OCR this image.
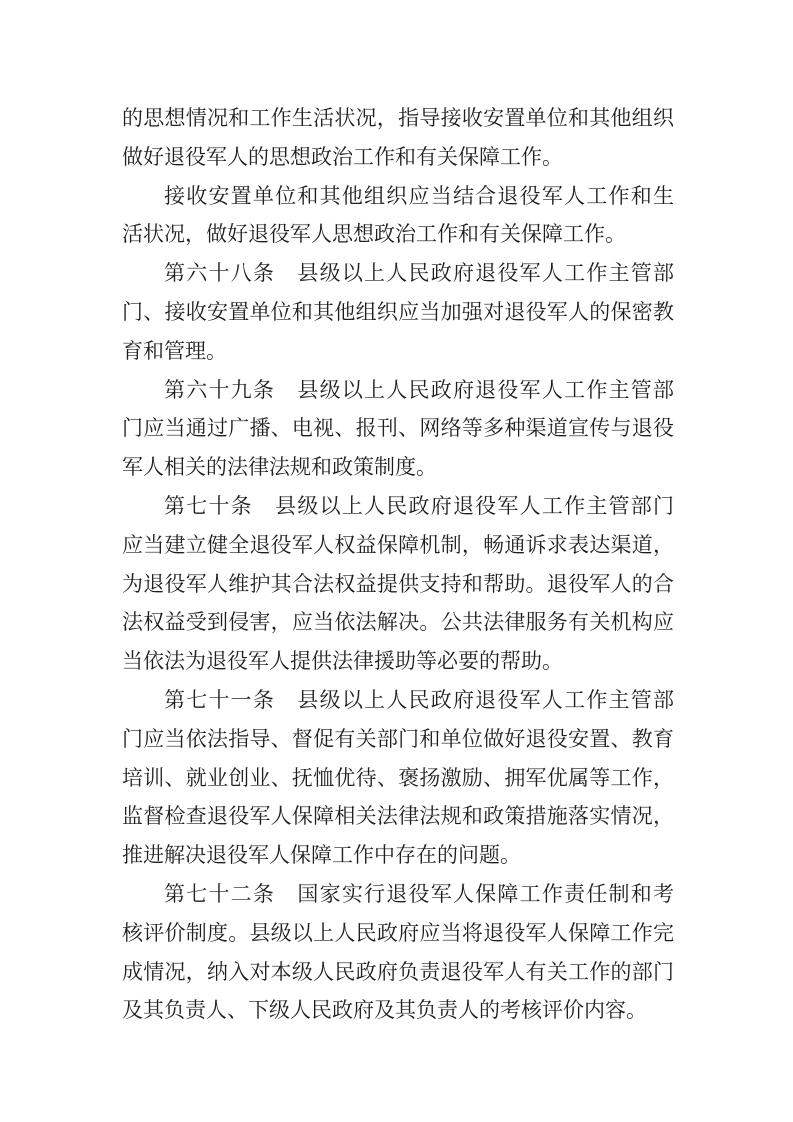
的思想情况和工作生活状况，指导接收安置单位和其他组织
做好退役军人的思想政治工作和有关保障工作。
接收安置单位和其他组织应当结合退役军人工作和生
活状况，做好退役军人思想政治工作和有关保障工作。
第六十八条　县级以上人民政府退役军人工作主管部
门、接收安置单位和其他组织应当加强对退役军人的保密教
育和管理。
第六十九条　县级以上人民政府退役军人工作主管部
门应当通过广播、电视、报刊、网络等多种渠道宣传与退役
军人相关的法律法规和政策制度。
第七十条　县级以上人民政府退役军人工作主管部门
应当建立健全退役军人权益保障机制，畅通诉求表达渠道，
为退役军人维护其合法权益提供支持和帮助。退役军人的合
法权益受到侵害，应当依法解决。公共法律服务有关机构应
当依法为退役军人提供法律援助等必要的帮助。
第七十一条　县级以上人民政府退役军人工作主管部
门应当依法指导、督促有关部门和单位做好退役安置、教育
培训、就业创业、抚恤优待、褒扬激励、拥军优属等工作，
监督检查退役军人保障相关法律法规和政策措施落实情况，
推进解决退役军人保障工作中存在的问题。
第七十二条　国家实行退役军人保障工作责任制和考
核评价制度。县级以上人民政府应当将退役军人保障工作完
成情况，纳入对本级人民政府负责退役军人有关工作的部门
及其负责人、下级人民政府及其负责人的考核评价内容。
